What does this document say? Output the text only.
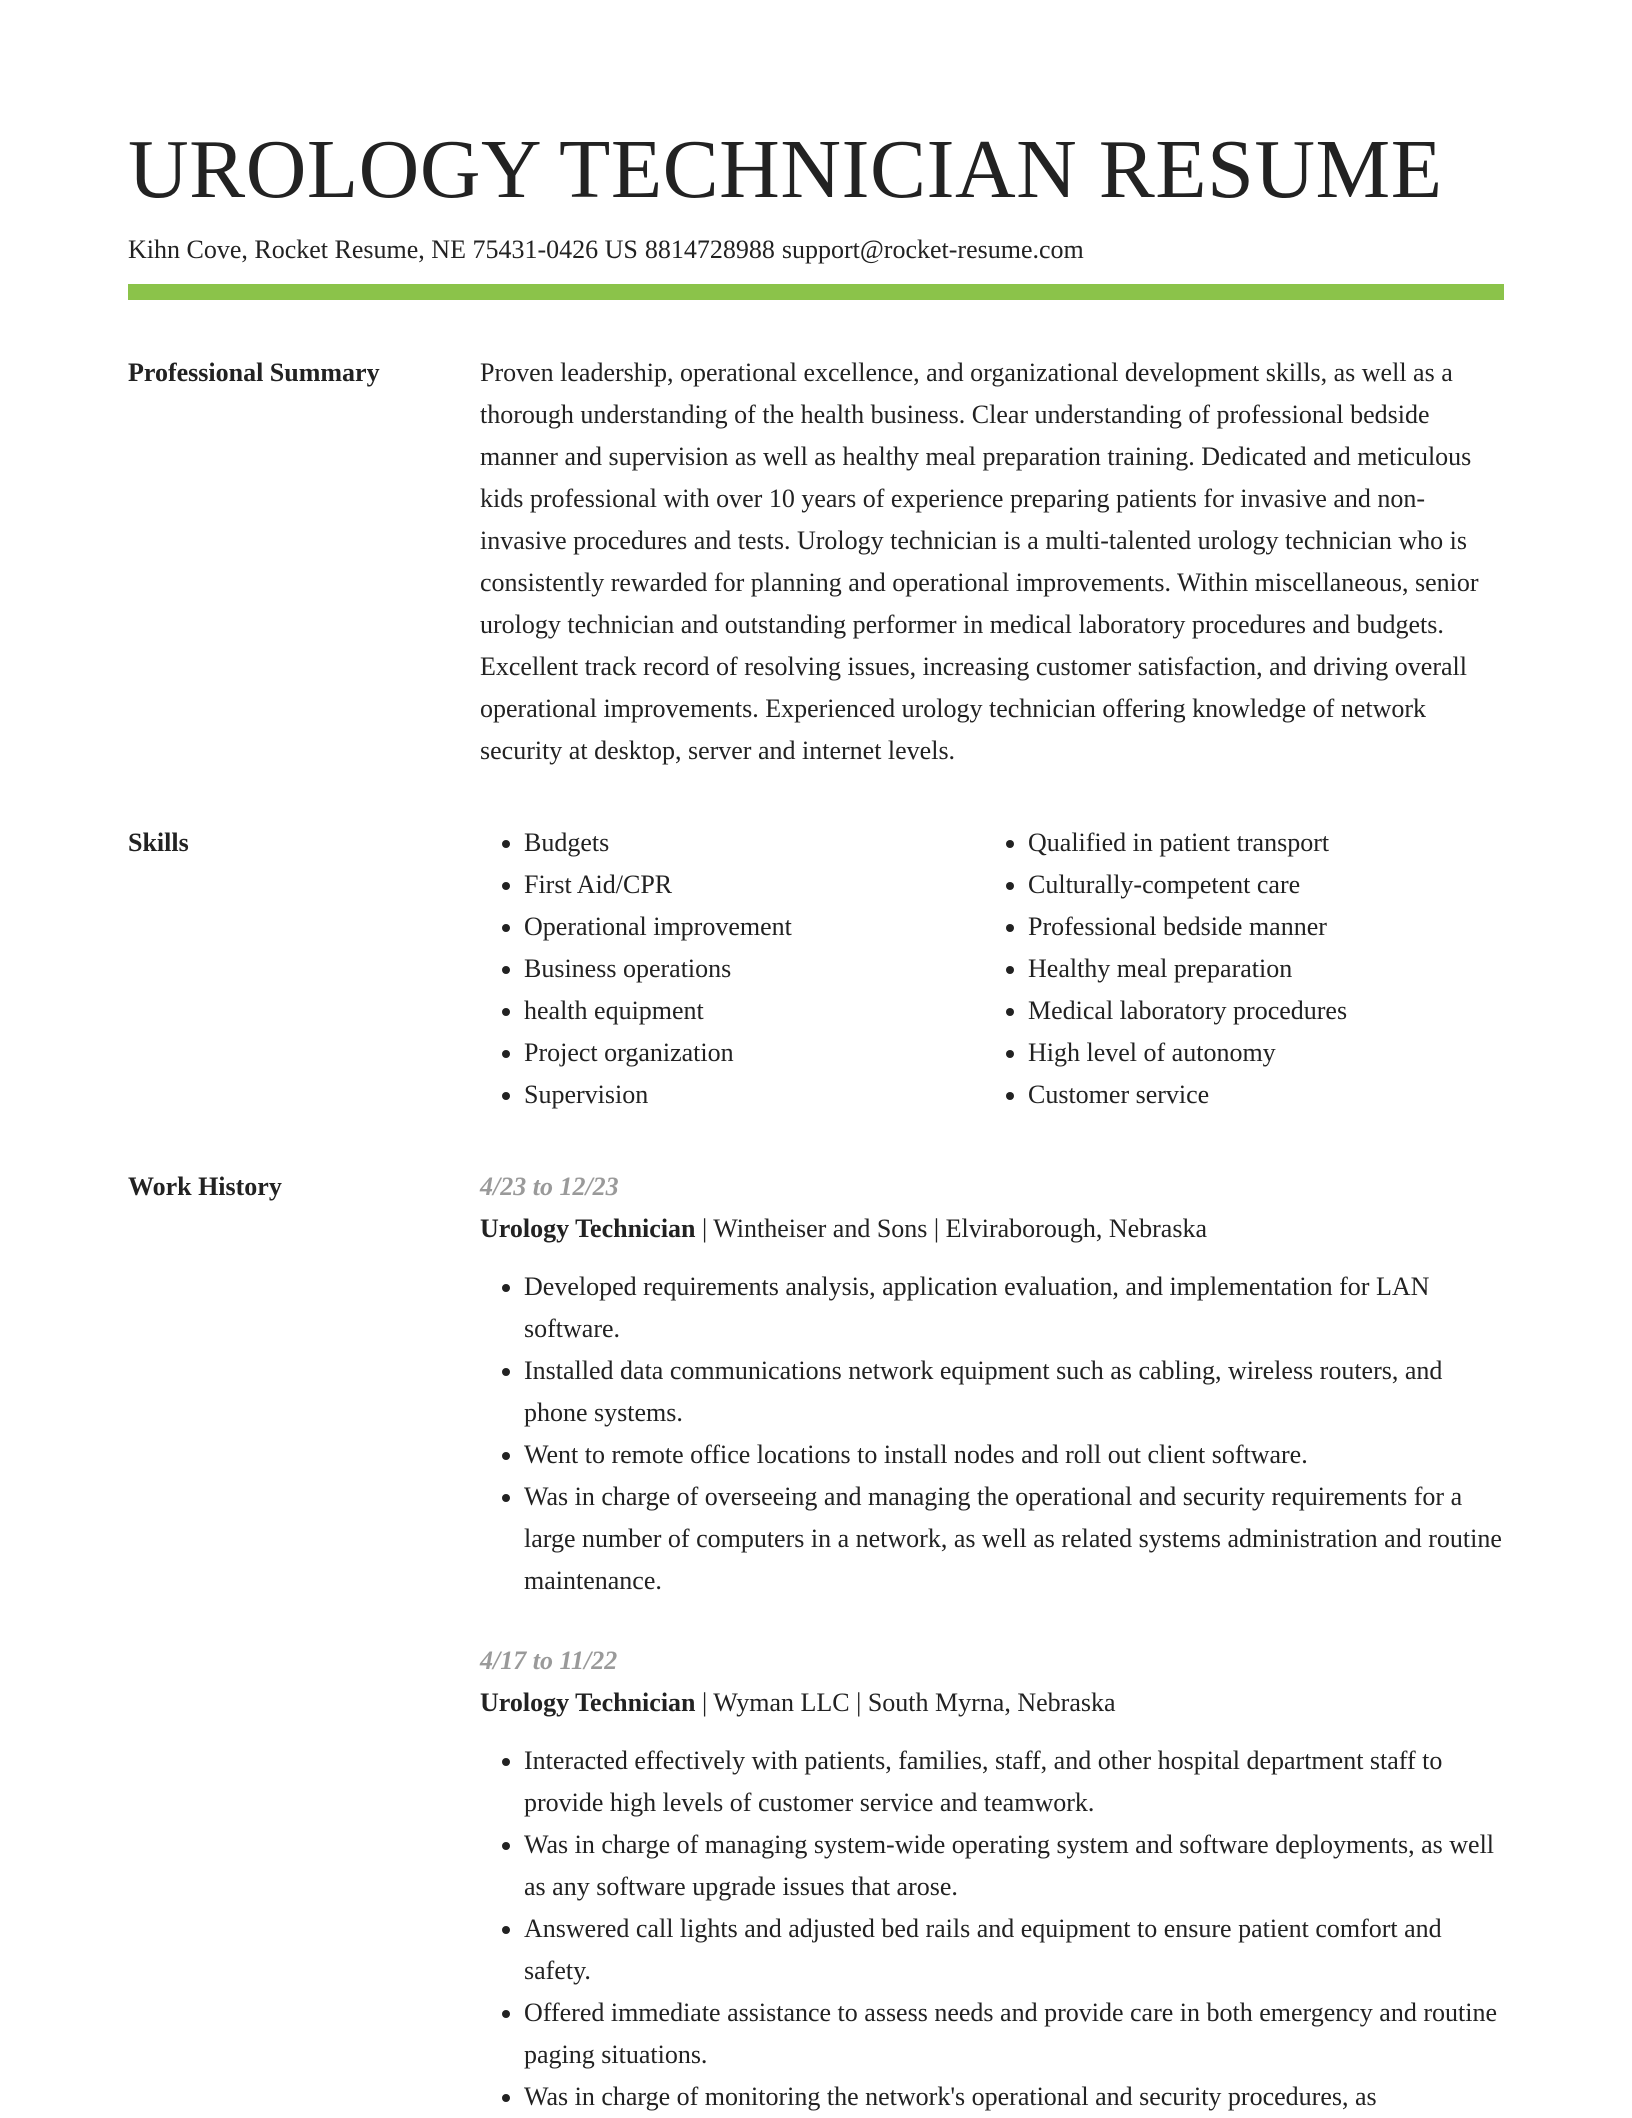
UROLOGY TECHNICIAN RESUME
Kihn Cove, Rocket Resume, NE 75431-0426 US 8814728988 support@rocket-resume.com
Professional Summary	Proven leadership, operational excellence, and organizational development skills, as well as a thorough understanding of the health business. Clear understanding of professional bedside manner and supervision as well as healthy meal preparation training. Dedicated and meticulous kids professional with over 10 years of experience preparing patients for invasive and non-invasive procedures and tests. Urology technician is a multi-talented urology technician who is consistently rewarded for planning and operational improvements. Within miscellaneous, senior urology technician and outstanding performer in medical laboratory procedures and budgets. Excellent track record of resolving issues, increasing customer satisfaction, and driving overall operational improvements. Experienced urology technician offering knowledge of network security at desktop, server and internet levels.

Skills
•	Budgets
• First Aid/CPR
• Operational improvement
• Business operations
• health equipment
• Project organization
• Supervision
• Qualified in patient transport
• Culturally-competent care
• Professional bedside manner
• Healthy meal preparation
• Medical laboratory procedures
• High level of autonomy
• Customer service
Work History	4/23 to 12/23
Urology Technician | Wintheiser and Sons | Elviraborough, Nebraska
• Developed requirements analysis, application evaluation, and implementation for LAN software.
• Installed data communications network equipment such as cabling, wireless routers, and phone systems.
• Went to remote office locations to install nodes and roll out client software.
• Was in charge of overseeing and managing the operational and security requirements for a large number of computers in a network, as well as related systems administration and routine maintenance.
4/17 to 11/22
Urology Technician | Wyman LLC | South Myrna, Nebraska
• Interacted effectively with patients, families, staff, and other hospital department staff to provide high levels of customer service and teamwork.
• Was in charge of managing system-wide operating system and software deployments, as well as any software upgrade issues that arose.
• Answered call lights and adjusted bed rails and equipment to ensure patient comfort and safety.
• Offered immediate assistance to assess needs and provide care in both emergency and routine paging situations.
• Was in charge of monitoring the network's operational and security procedures, as
